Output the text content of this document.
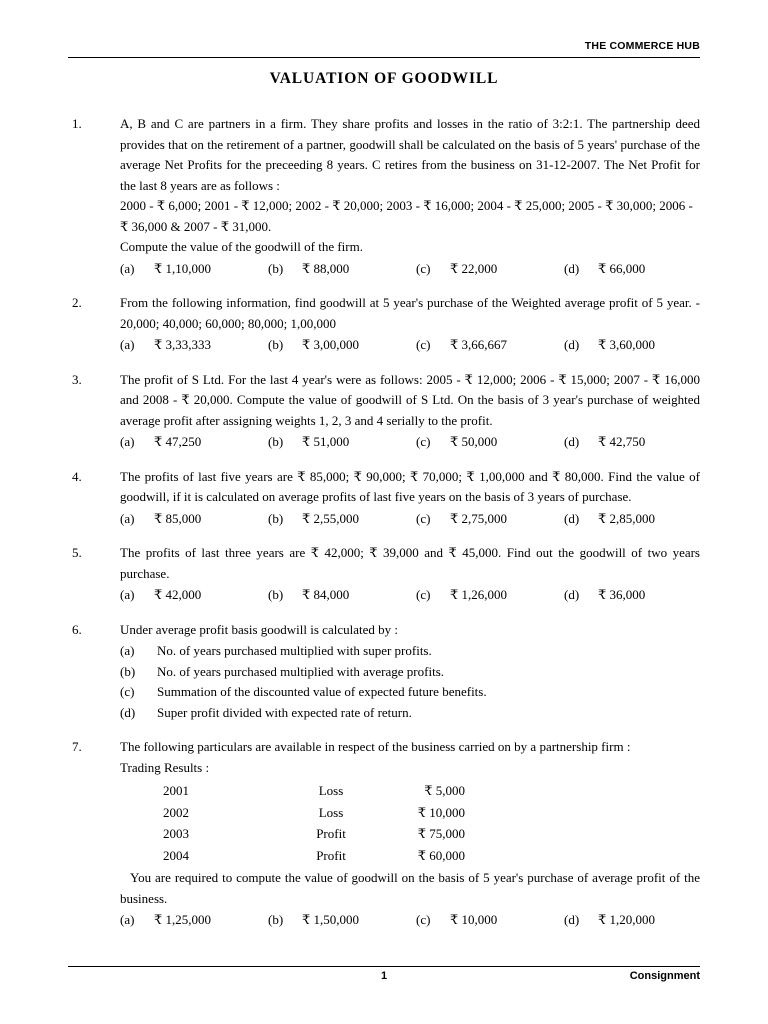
THE COMMERCE HUB
VALUATION OF GOODWILL
1.	A, B and C are partners in a firm. They share profits and losses in the ratio of 3:2:1. The partnership deed provides that on the retirement of a partner, goodwill shall be calculated on the basis of 5 years' purchase of the average Net Profits for the preceeding 8 years. C retires from the business on 31-12-2007. The Net Profit for the last 8 years are as follows :

2000 - ₹ 6,000; 2001 - ₹ 12,000; 2002 - ₹ 20,000; 2003 - ₹ 16,000; 2004 - ₹ 25,000; 2005 - ₹ 30,000; 2006 - ₹ 36,000 & 2007 - ₹ 31,000.

Compute the value of the goodwill of the firm.

(a)	₹ 1,10,000	(b)	₹ 88,000	(c)	₹ 22,000	(d)	₹ 66,000
2.	From the following information, find goodwill at 5 year's purchase of the Weighted average profit of 5 year. - 20,000; 40,000; 60,000; 80,000; 1,00,000

(a)	₹ 3,33,333	(b)	₹ 3,00,000	(c)	₹ 3,66,667	(d)	₹ 3,60,000
3.	The profit of S Ltd. For the last 4 year's were as follows: 2005 - ₹ 12,000; 2006 - ₹ 15,000; 2007 - ₹ 16,000 and 2008 - ₹ 20,000. Compute the value of goodwill of S Ltd. On the basis of 3 year's purchase of weighted average profit after assigning weights 1, 2, 3 and 4 serially to the profit.

(a)	₹ 47,250	(b)	₹ 51,000	(c)	₹ 50,000	(d)	₹ 42,750
4.	The profits of last five years are ₹ 85,000; ₹ 90,000; ₹ 70,000; ₹ 1,00,000 and ₹ 80,000. Find the value of goodwill, if it is calculated on average profits of last five years on the basis of 3 years of purchase.

(a)	₹ 85,000	(b)	₹ 2,55,000	(c)	₹ 2,75,000	(d)	₹ 2,85,000
5.	The profits of last three years are ₹ 42,000; ₹ 39,000 and ₹ 45,000. Find out the goodwill of two years purchase.

(a)	₹ 42,000	(b)	₹ 84,000	(c)	₹ 1,26,000	(d)	₹ 36,000
6.	Under average profit basis goodwill is calculated by :

(a)	No. of years purchased multiplied with super profits.
(b)	No. of years purchased multiplied with average profits.
(c)	Summation of the discounted value of expected future benefits.
(d)	Super profit divided with expected rate of return.
7.	The following particulars are available in respect of the business carried on by a partnership firm :

Trading Results :

2001	Loss	₹ 5,000
2002	Loss	₹ 10,000
2003	Profit	₹ 75,000
2004	Profit	₹ 60,000

You are required to compute the value of goodwill on the basis of 5 year's purchase of average profit of the business.

(a)	₹ 1,25,000	(b)	₹ 1,50,000	(c)	₹ 10,000	(d)	₹ 1,20,000
1	Consignment
